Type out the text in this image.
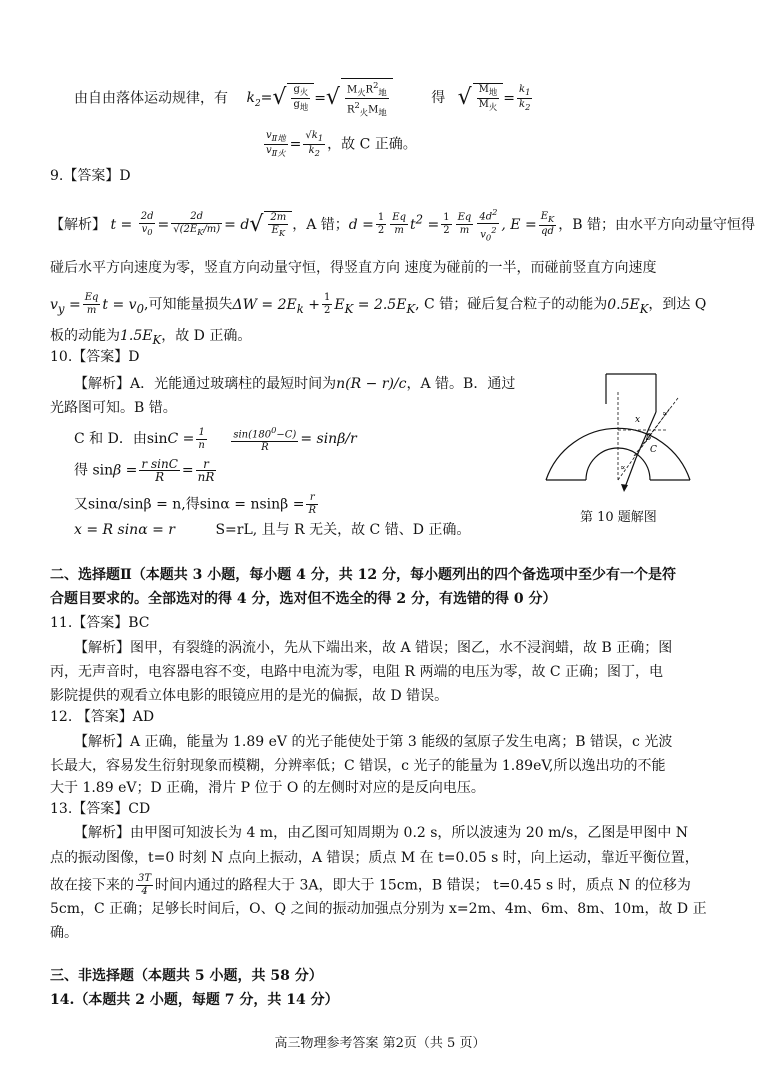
由自由落体运动规律，有 $k_2=√ \frac{g_火}{g_地}$ =√ $\frac{M_火R^2_地}{R^2_火M_地}$	得 √ $\frac{M_地}{M_火} = \frac{k_1}{k_2}$
$\frac{v_{Ⅱ地}}{v_{Ⅱ火}} = \frac{√k_1}{k_2}$ ，故 C 正确。
9.【答案】D
【解析】 $t = \frac{2d}{v_0} = \frac{2d}{√(2E_K/m)} = d√ \frac{2m}{E_K}$ ，A 错；$d = \frac{1}{2} \frac{Eq}{m} t^2 = \frac{1}{2} \frac{Eq}{m} \frac{4d^2}{v_0^2}$ , $E = \frac{E_K}{qd}$ ，B 错；由水平方向动量守恒得
碰后水平方向速度为零，竖直方向动量守恒，得竖直方向 速度为碰前的一半，而碰前竖直方向速度
$v_y = \frac{Eq}{m}$ $t = v_0$,可知能量损失$\Delta W = 2E_k + \frac{1}{2} E_K = 2.5E_K$, C 错；碰后复合粒子的动能为$0.5E_K$，到达 Q
板的动能为$1.5E_K$，故 D 正确。
10.【答案】D
【解析】A．光能通过玻璃柱的最短时间为n(R − r)/c，A 错。B．通过
光路图可知。B 错。
C 和 D．由$\sin C = \frac{1}{n}$
$\frac{\sin(180^0-C)}{R} = \sin\beta/r$
得 $\sin\beta = \frac{\text{r sinC}}{R} = \frac{r}{nR}$
又sinα/sinβ = n,得$\sin\alpha = nsin\beta = \frac{r}{R}$
x = R sinα = r	S=rL, 且与 R 无关，故 C 错、D 正确。
x
∝
β
C
∝
第 10 题解图
二、选择题Ⅱ（本题共 3 小题，每小题 4 分，共 12 分，每小题列出的四个备选项中至少有一个是符
合题目要求的。全部选对的得 4 分，选对但不选全的得 2 分，有选错的得 0 分）
11.【答案】BC
【解析】图甲，有裂缝的涡流小，先从下端出来，故 A 错误；图乙，水不浸润蜡，故 B 正确；图
丙，无声音时，电容器电容不变，电路中电流为零，电阻 R 两端的电压为零，故 C 正确；图丁，电
影院提供的观看立体电影的眼镜应用的是光的偏振，故 D 错误。
12. 【答案】AD
【解析】A 正确，能量为 1.89 eV 的光子能使处于第 3 能级的氢原子发生电离；B 错误，c 光波
长最大，容易发生衍射现象而模糊，分辨率低；C 错误，c 光子的能量为 1.89eV,所以逸出功的不能
大于 1.89 eV；D 正确，滑片 P 位于 O 的左侧时对应的是反向电压。
13.【答案】CD
【解析】由甲图可知波长为 4 m，由乙图可知周期为 0.2 s，所以波速为 20 m/s，乙图是甲图中 N
点的振动图像，t=0 时刻 N 点向上振动，A 错误；质点 M 在 t=0.05 s 时，向上运动，靠近平衡位置，
故在接下来的 $\frac{3T}{4}$ 时间内通过的路程大于 3A，即大于 15cm，B 错误； t=0.45 s 时，质点 N 的位移为
5cm，C 正确；足够长时间后，O、Q 之间的振动加强点分别为 x=2m、4m、6m、8m、10m，故 D 正
确。
三、非选择题（本题共 5 小题，共 58 分）
14.（本题共 2 小题，每题 7 分，共 14 分）
高三物理参考答案 第2页（共 5 页）
